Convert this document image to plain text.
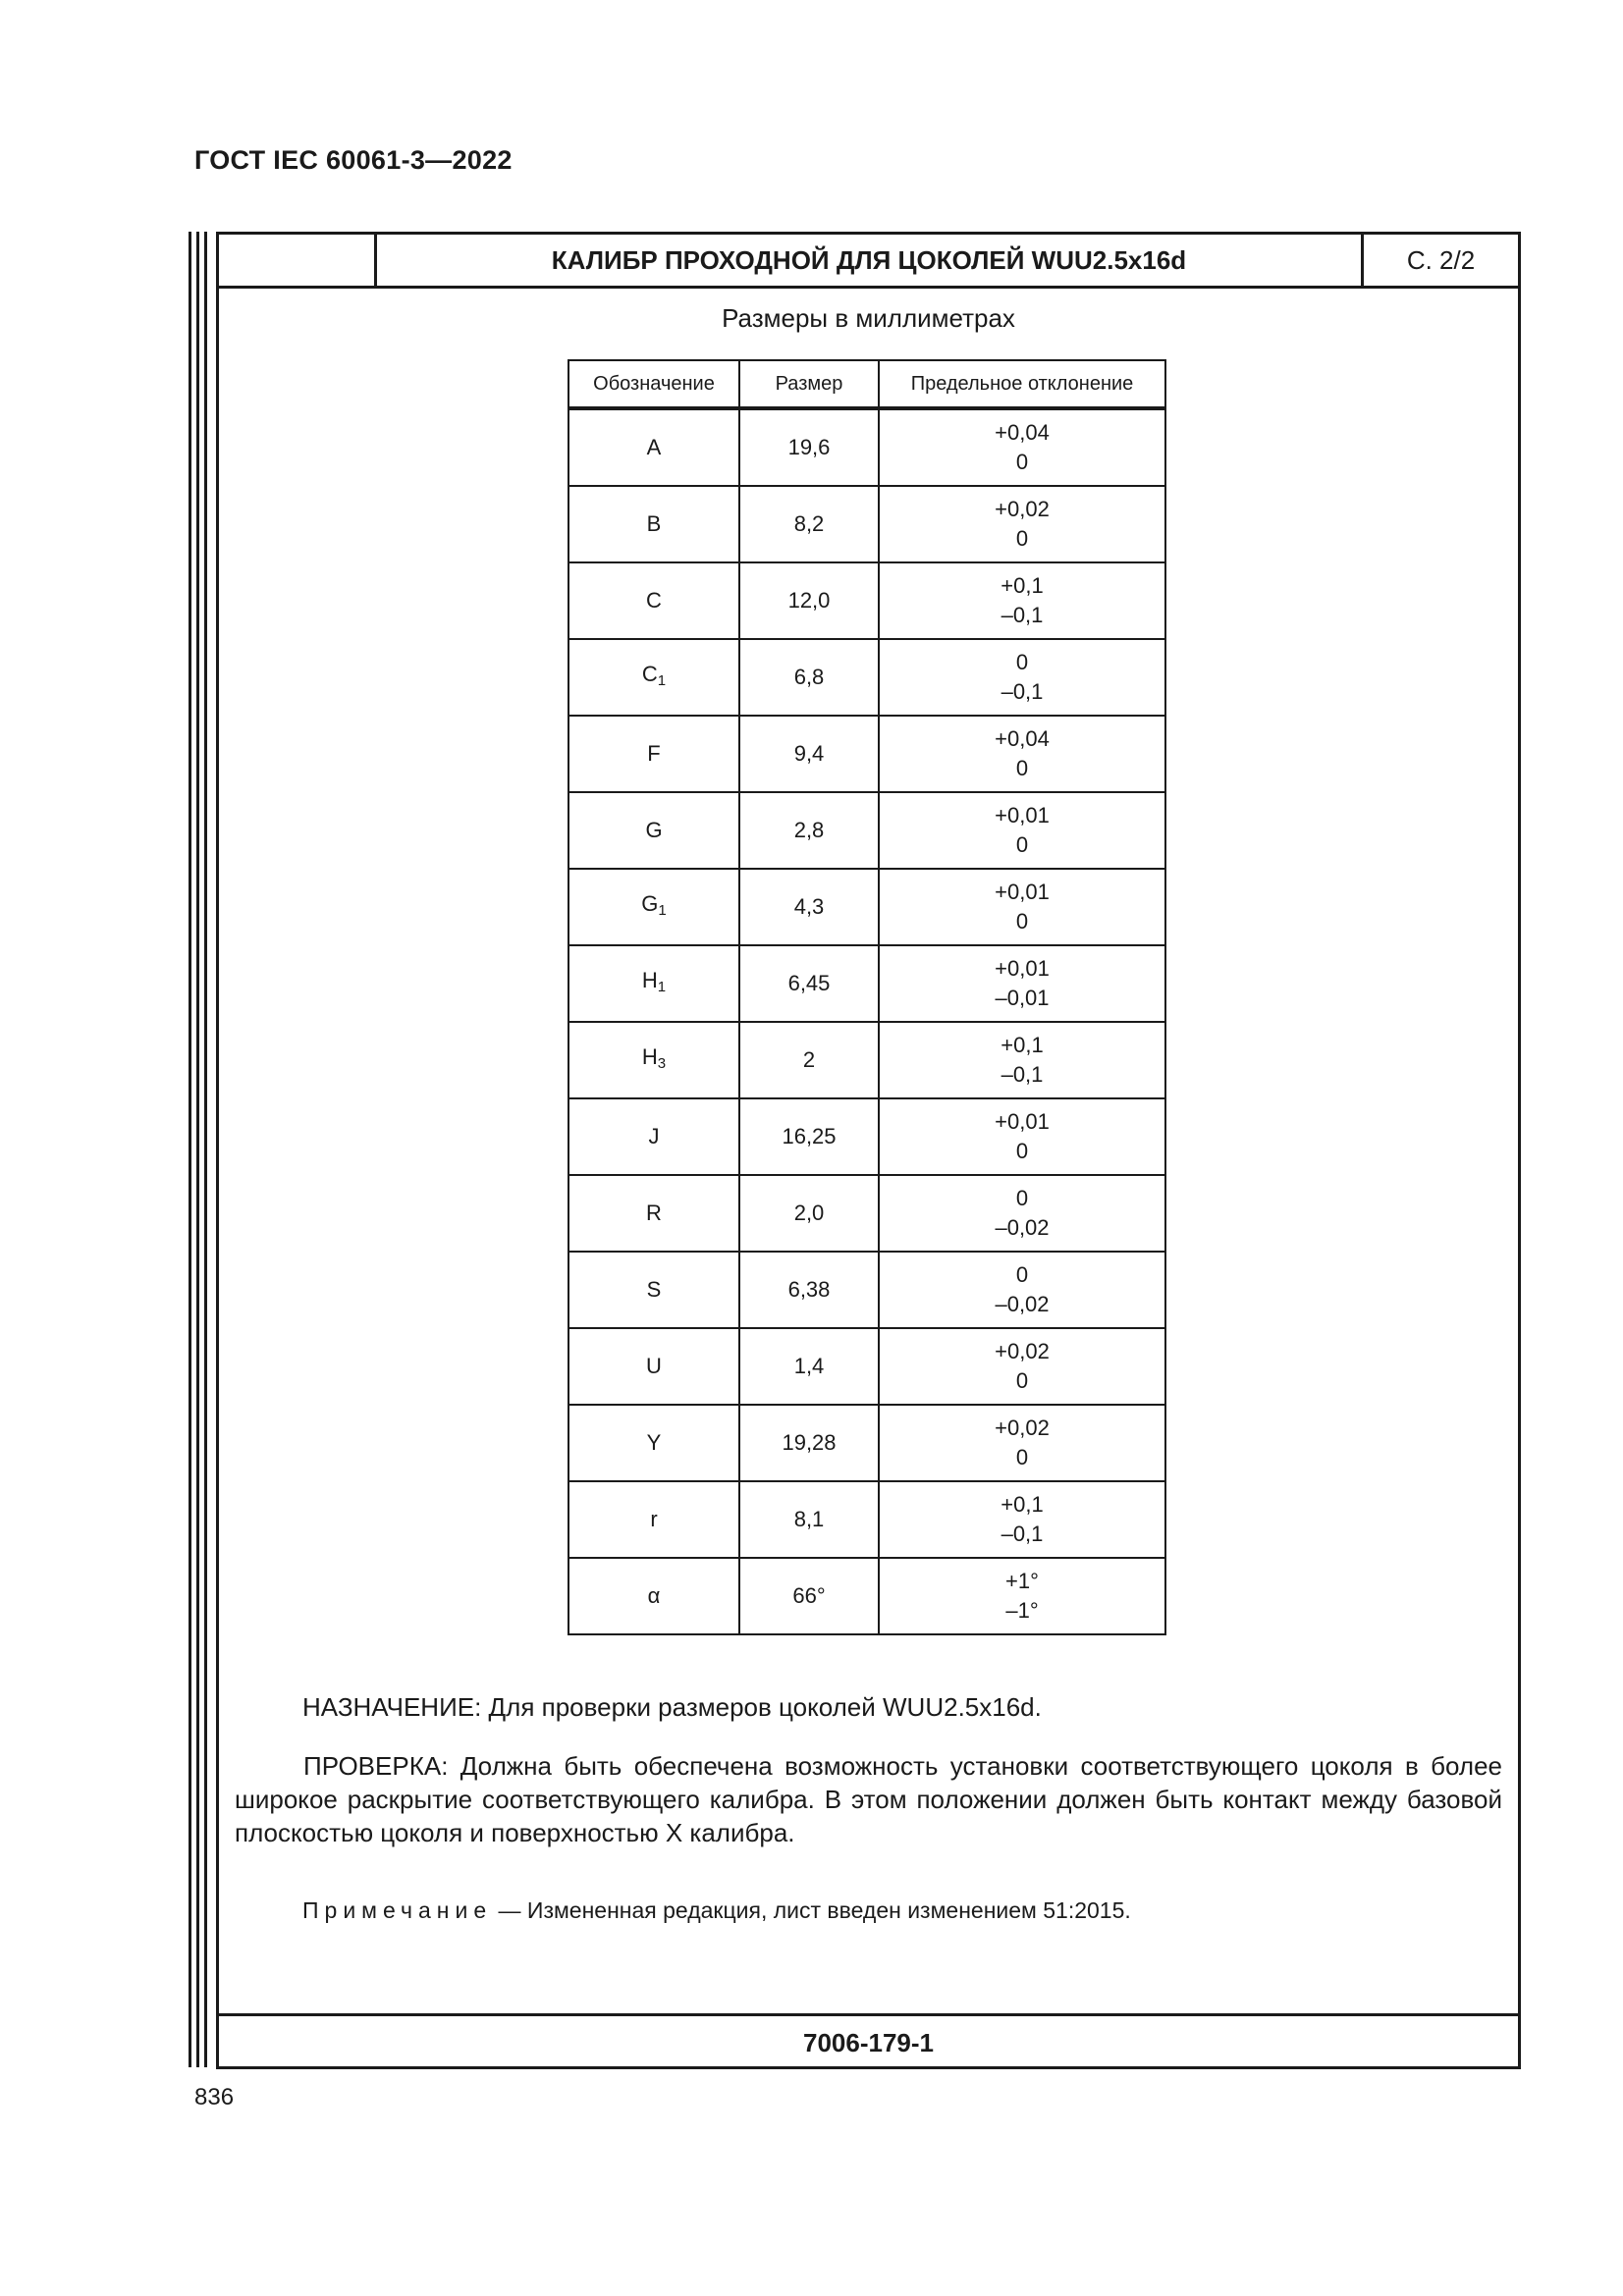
ГОСТ IEC 60061-3—2022
КАЛИБР ПРОХОДНОЙ ДЛЯ ЦОКОЛЕЙ WUU2.5x16d	С. 2/2
Размеры в миллиметрах
Обозначение	Размер	Предельное отклонение
A	19,6	+0,04
0

B	8,2	+0,02
0

C	12,0	+0,1
–0,1

$C_1$	6,8	0
–0,1

F	9,4	+0,04
0

G	2,8	+0,01
0

$G_1$	4,3	+0,01
0

$H_1$	6,45	+0,01
–0,01

$H_3$	2	+0,1
–0,1

J	16,25	+0,01
0

R	2,0	0
–0,02

S	6,38	0
–0,02

U	1,4	+0,02
0

Y	19,28	+0,02
0

r	8,1	+0,1
–0,1

α	66°	+1°
–1°
НАЗНАЧЕНИЕ: Для проверки размеров цоколей WUU2.5x16d.
ПРОВЕРКА: Должна быть обеспечена возможность установки соответствующего цоколя в более широкое раскрытие соответствующего калибра. В этом положении должен быть контакт между базовой плоскостью цоколя и поверхностью X калибра.
Примечание — Измененная редакция, лист введен изменением 51:2015.
7006-179-1
836
